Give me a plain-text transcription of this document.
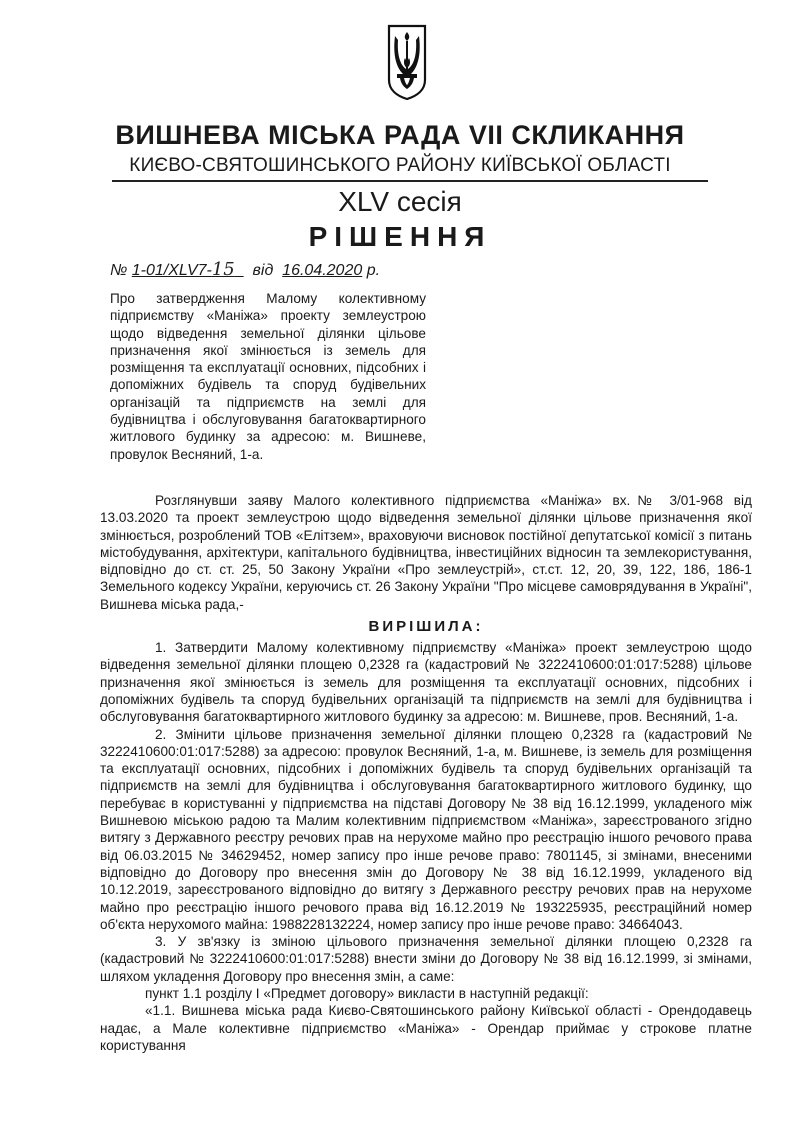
ВИШНЕВА МІСЬКА РАДА VII СКЛИКАННЯ
КИЄВО-СВЯТОШИНСЬКОГО РАЙОНУ КИЇВСЬКОЇ ОБЛАСТІ
XLV сесія
РІШЕННЯ
№ 1-01/XLV7-15 від 16.04.2020 р.
Про затвердження Малому колективному підприємству «Маніжа» проекту землеустрою щодо відведення земельної ділянки цільове призначення якої змінюється із земель для розміщення та експлуатації основних, підсобних і допоміжних будівель та споруд будівельних організацій та підприємств на землі для будівництва і обслуговування багатоквартирного житлового будинку за адресою: м. Вишневе, провулок Весняний, 1-а.

Розглянувши заяву Малого колективного підприємства «Маніжа» вх.№ 3/01-968 від 13.03.2020 та проект землеустрою щодо відведення земельної ділянки цільове призначення якої змінюється, розроблений ТОВ «Елітзем», враховуючи висновок постійної депутатської комісії з питань містобудування, архітектури, капітального будівництва, інвестиційних відносин та землекористування, відповідно до ст. ст. 25, 50 Закону України «Про землеустрій», ст.ст. 12, 20, 39, 122, 186, 186-1 Земельного кодексу України, керуючись ст. 26 Закону України "Про місцеве самоврядування в Україні", Вишнева міська рада,-

ВИРІШИЛА:

1. Затвердити Малому колективному підприємству «Маніжа» проект землеустрою щодо відведення земельної ділянки площею 0,2328 га (кадастровий № 3222410600:01:017:5288) цільове призначення якої змінюється із земель для розміщення та експлуатації основних, підсобних і допоміжних будівель та споруд будівельних організацій та підприємств на землі для будівництва і обслуговування багатоквартирного житлового будинку за адресою: м. Вишневе, пров. Весняний, 1-а.

2. Змінити цільове призначення земельної ділянки площею 0,2328 га (кадастровий № 3222410600:01:017:5288) за адресою: провулок Весняний, 1-а, м. Вишневе, із земель для розміщення та експлуатації основних, підсобних і допоміжних будівель та споруд будівельних організацій та підприємств на землі для будівництва і обслуговування багатоквартирного житлового будинку, що перебуває в користуванні у підприємства на підставі Договору № 38 від 16.12.1999, укладеного між Вишневою міською радою та Малим колективним підприємством «Маніжа», зареєстрованого згідно витягу з Державного реєстру речових прав на нерухоме майно про реєстрацію іншого речового права від 06.03.2015 № 34629452, номер запису про інше речове право: 7801145, зі змінами, внесеними відповідно до Договору про внесення змін до Договору № 38 від 16.12.1999, укладеного від 10.12.2019, зареєстрованого відповідно до витягу з Державного реєстру речових прав на нерухоме майно про реєстрацію іншого речового права від 16.12.2019 № 193225935, реєстраційний номер об'єкта нерухомого майна: 1988228132224, номер запису про інше речове право: 34664043.

3. У зв'язку із зміною цільового призначення земельної ділянки площею 0,2328 га (кадастровий № 3222410600:01:017:5288) внести зміни до Договору № 38 від 16.12.1999, зі змінами, шляхом укладення Договору про внесення змін, а саме:

пункт 1.1 розділу І «Предмет договору» викласти в наступній редакції:

«1.1. Вишнева міська рада Києво-Святошинського району Київської області - Орендодавець надає, а Мале колективне підприємство «Маніжа» - Орендар приймає у строкове платне користування
